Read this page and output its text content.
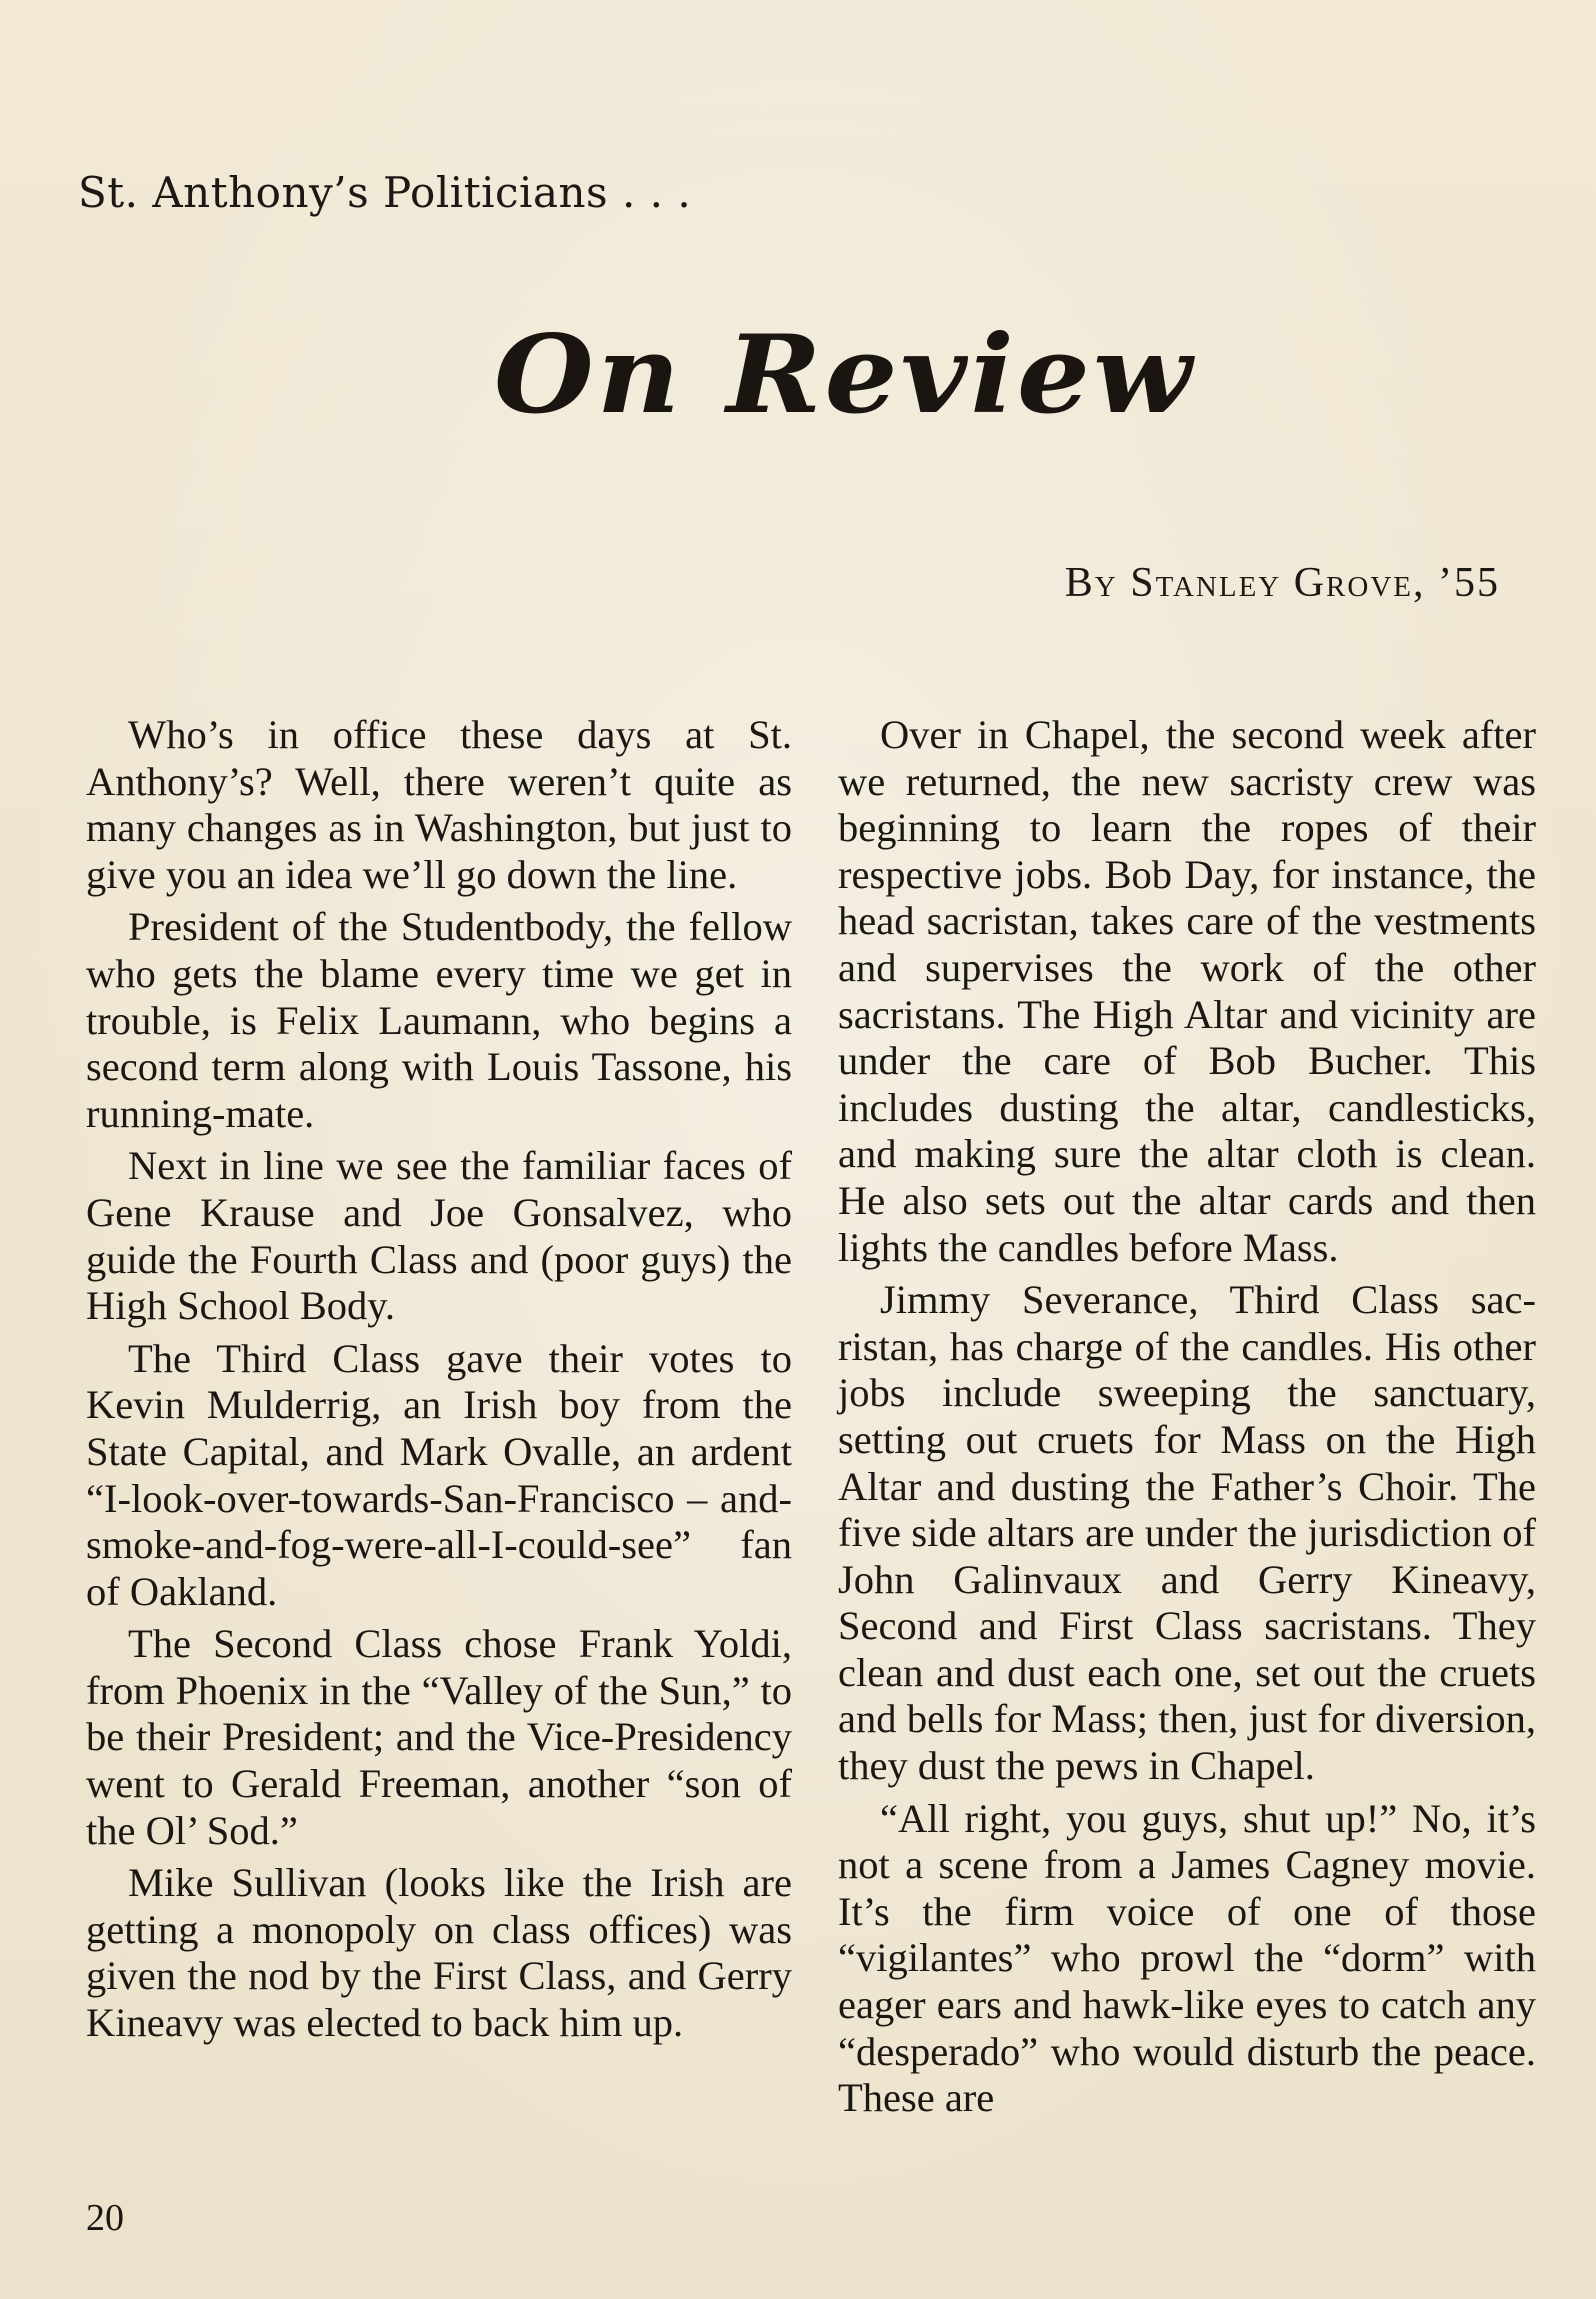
St. Anthony’s Politicians . . .
On Review
By Stanley Grove, ’55

Who’s in office these days at St. Anthony’s? Well, there weren’t quite as many changes as in Washington, but just to give you an idea we’ll go down the line.

President of the Studentbody, the fellow who gets the blame every time we get in trouble, is Felix Laumann, who begins a second term along with Louis Tassone, his running-mate.

Next in line we see the familiar faces of Gene Krause and Joe Gonsalvez, who guide the Fourth Class and (poor guys) the High School Body.

The Third Class gave their votes to Kevin Mulderrig, an Irish boy from the State Capital, and Mark Ovalle, an ardent “I-look-over-towards-San-Francisco – and-smoke-and-fog-were-all-I-could-see” fan of Oakland.

The Second Class chose Frank Yoldi, from Phoenix in the “Valley of the Sun,” to be their President; and the Vice-Presidency went to Gerald Freeman, another “son of the Ol’ Sod.”

Mike Sullivan (looks like the Irish are getting a monopoly on class offices) was given the nod by the First Class, and Gerry Kineavy was elected to back him up.

Over in Chapel, the second week after we returned, the new sacristy crew was beginning to learn the ropes of their respective jobs. Bob Day, for instance, the head sacristan, takes care of the vestments and supervises the work of the other sacristans. The High Altar and vicinity are under the care of Bob Bucher. This includes dusting the altar, candlesticks, and making sure the altar cloth is clean. He also sets out the altar cards and then lights the candles before Mass.

Jimmy Severance, Third Class sacristan, has charge of the candles. His other jobs include sweeping the sanctuary, setting out cruets for Mass on the High Altar and dusting the Father’s Choir. The five side altars are under the jurisdiction of John Galinvaux and Gerry Kineavy, Second and First Class sacristans. They clean and dust each one, set out the cruets and bells for Mass; then, just for diversion, they dust the pews in Chapel.

“All right, you guys, shut up!” No, it’s not a scene from a James Cagney movie. It’s the firm voice of one of those “vigilantes” who prowl the “dorm” with eager ears and hawk-like eyes to catch any “desperado” who would disturb the peace. These are

20
